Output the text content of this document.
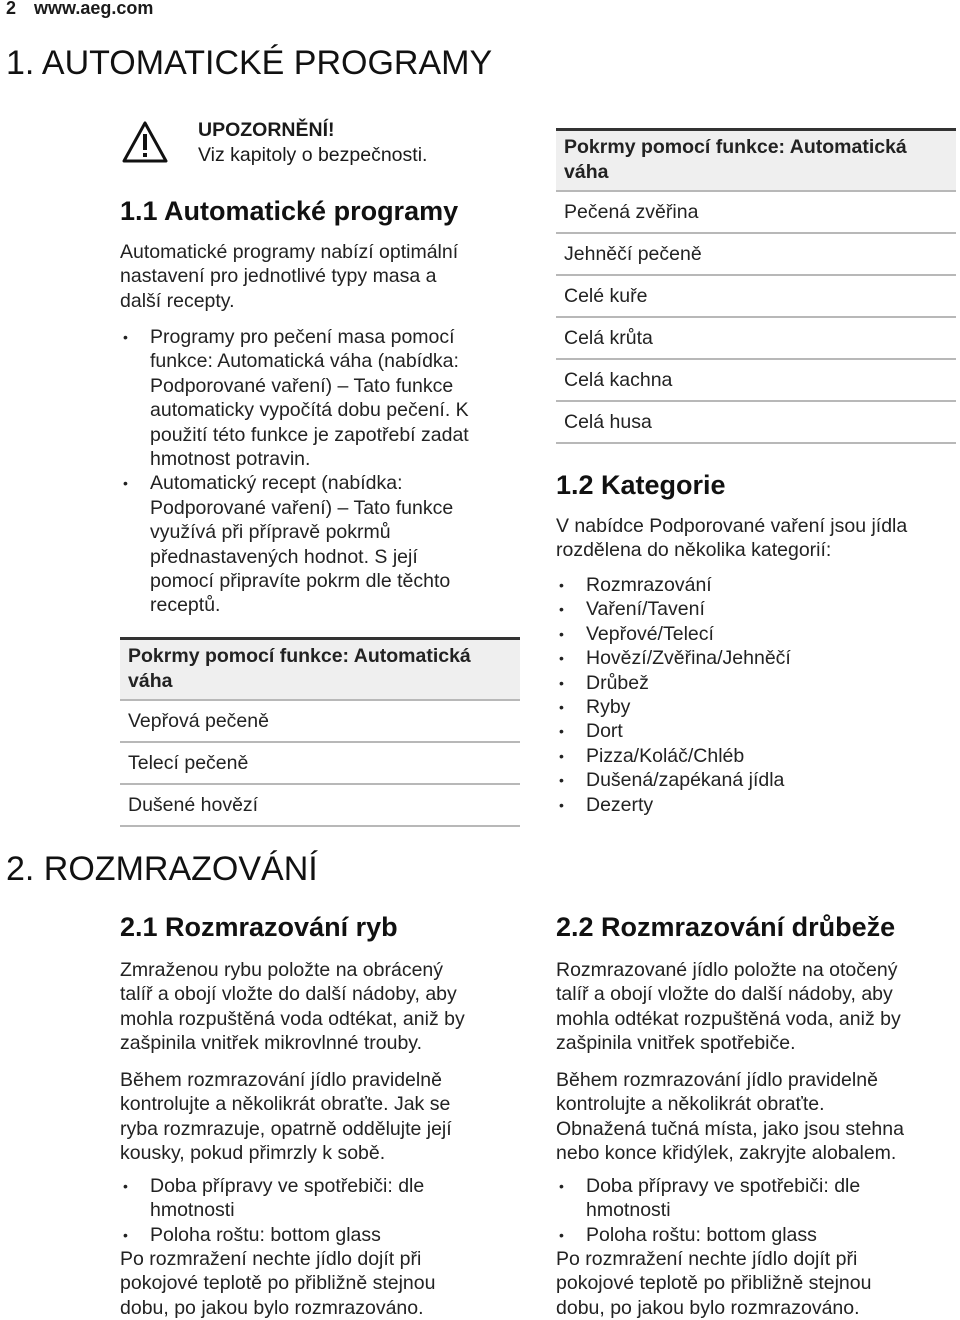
2 www.aeg.com
1. AUTOMATICKÉ PROGRAMY
UPOZORNĚNÍ!
Viz kapitoly o bezpečnosti.
1.1 Automatické programy
Automatické programy nabízí optimální
nastavení pro jednotlivé typy masa a
další recepty.
• Programy pro pečení masa pomocí
funkce: Automatická váha (nabídka:
Podporované vaření) – Tato funkce
automaticky vypočítá dobu pečení. K
použití této funkce je zapotřebí zadat
hmotnost potravin.
• Automatický recept (nabídka:
Podporované vaření) – Tato funkce
využívá při přípravě pokrmů
přednastavených hodnot. S její
pomocí připravíte pokrm dle těchto
receptů.
Pokrmy pomocí funkce: Automatická
váha

Vepřová pečeně
Telecí pečeně
Dušené hovězí
Pokrmy pomocí funkce: Automatická
váha

Pečená zvěřina
Jehněčí pečeně
Celé kuře
Celá krůta
Celá kachna
Celá husa
1.2 Kategorie
V nabídce Podporované vaření jsou jídla
rozdělena do několika kategorií:
• Rozmrazování
• Vaření/Tavení
• Vepřové/Telecí
• Hovězí/Zvěřina/Jehněčí
• Drůbež
• Ryby
• Dort
• Pizza/Koláč/Chléb
• Dušená/zapékaná jídla
• Dezerty
2. ROZMRAZOVÁNÍ
2.1 Rozmrazování ryb
Zmraženou rybu položte na obrácený
talíř a obojí vložte do další nádoby, aby
mohla rozpuštěná voda odtékat, aniž by
zašpinila vnitřek mikrovlnné trouby.
Během rozmrazování jídlo pravidelně
kontrolujte a několikrát obraťte. Jak se
ryba rozmrazuje, opatrně oddělujte její
kousky, pokud přimrzly k sobě.
• Doba přípravy ve spotřebiči: dle
hmotnosti
• Poloha roštu: bottom glass
Po rozmražení nechte jídlo dojít při
pokojové teplotě po přibližně stejnou
dobu, po jakou bylo rozmrazováno.
2.2 Rozmrazování drůbeže
Rozmrazované jídlo položte na otočený
talíř a obojí vložte do další nádoby, aby
mohla odtékat rozpuštěná voda, aniž by
zašpinila vnitřek spotřebiče.
Během rozmrazování jídlo pravidelně
kontrolujte a několikrát obraťte.
Obnažená tučná místa, jako jsou stehna
nebo konce křidýlek, zakryjte alobalem.
• Doba přípravy ve spotřebiči: dle
hmotnosti
• Poloha roštu: bottom glass
Po rozmražení nechte jídlo dojít při
pokojové teplotě po přibližně stejnou
dobu, po jakou bylo rozmrazováno.
